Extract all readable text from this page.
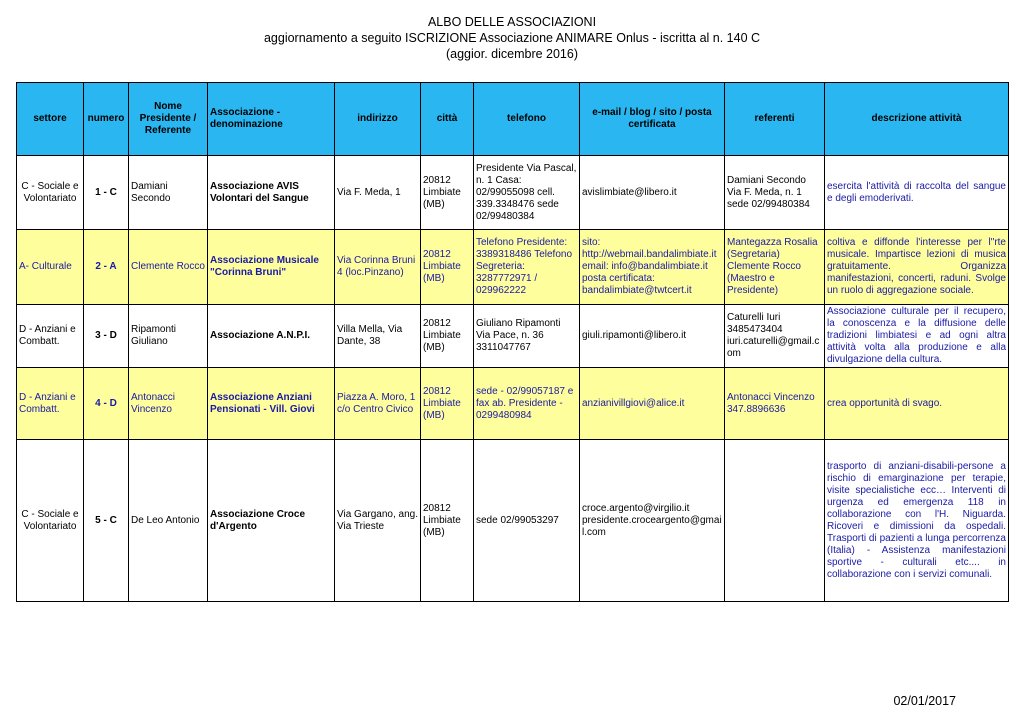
ALBO DELLE ASSOCIAZIONI
aggiornamento a seguito ISCRIZIONE Associazione ANIMARE Onlus - iscritta al n. 140 C
(aggior. dicembre 2016)
settore	numero	Nome Presidente / Referente	Associazione - denominazione	indirizzo	città	telefono	e-mail / blog / sito / posta certificata	referenti	descrizione attività
C - Sociale e Volontariato	1 - C	Damiani Secondo	Associazione AVIS Volontari del Sangue	Via F. Meda, 1	20812 Limbiate (MB)	Presidente Via Pascal, n. 1 Casa: 02/99055098 cell. 339.3348476 sede 02/99480384	avislimbiate@libero.it	Damiani Secondo Via F. Meda, n. 1 sede 02/99480384	esercita l'attività di raccolta del sangue e degli emoderivati.
A- Culturale	2 - A	Clemente Rocco	Associazione Musicale "Corinna Bruni"	Via Corinna Bruni 4 (loc.Pinzano)	20812 Limbiate (MB)	Telefono Presidente: 3389318486 Telefono Segreteria: 3287772971 / 029962222	sito: http://webmail.bandalimbiate.it email: info@bandalimbiate.it posta certificata: bandalimbiate@twtcert.it	Mantegazza Rosalia (Segretaria) Clemente Rocco (Maestro e Presidente)	coltiva e diffonde l'interesse per l"rte musicale. Impartisce lezioni di musica gratuitamente. Organizza manifestazioni, concerti, raduni. Svolge un ruolo di aggregazione sociale.
D - Anziani e Combatt.	3 - D	Ripamonti Giuliano	Associazione A.N.P.I.	Villa Mella, Via Dante, 38	20812 Limbiate (MB)	Giuliano Ripamonti Via Pace, n. 36 3311047767	giuli.ripamonti@libero.it	Caturelli Iuri 3485473404 iuri.caturelli@gmail.com	Associazione culturale per il recupero, la conoscenza e la diffusione delle tradizioni limbiatesi e ad ogni altra attività volta alla produzione e alla divulgazione della cultura.
D - Anziani e Combatt.	4 - D	Antonacci Vincenzo	Associazione Anziani Pensionati - Vill. Giovi	Piazza A. Moro, 1 c/o Centro Civico	20812 Limbiate (MB)	sede - 02/99057187 e fax ab. Presidente - 0299480984	anzianivillgiovi@alice.it	Antonacci Vincenzo 347.8896636	crea opportunità di svago.
C - Sociale e Volontariato	5 - C	De Leo Antonio	Associazione Croce d'Argento	Via Gargano, ang. Via Trieste	20812 Limbiate (MB)	sede 02/99053297	croce.argento@virgilio.it presidente.croceargento@gmail.com		trasporto di anziani-disabili-persone a rischio di emarginazione per terapie, visite specialistiche ecc… Interventi di urgenza ed emergenza 118 in collaborazione con l'H. Niguarda. Ricoveri e dimissioni da ospedali. Trasporti di pazienti a lunga percorrenza (Italia) - Assistenza manifestazioni sportive - culturali etc.... in collaborazione con i servizi comunali.
02/01/2017
